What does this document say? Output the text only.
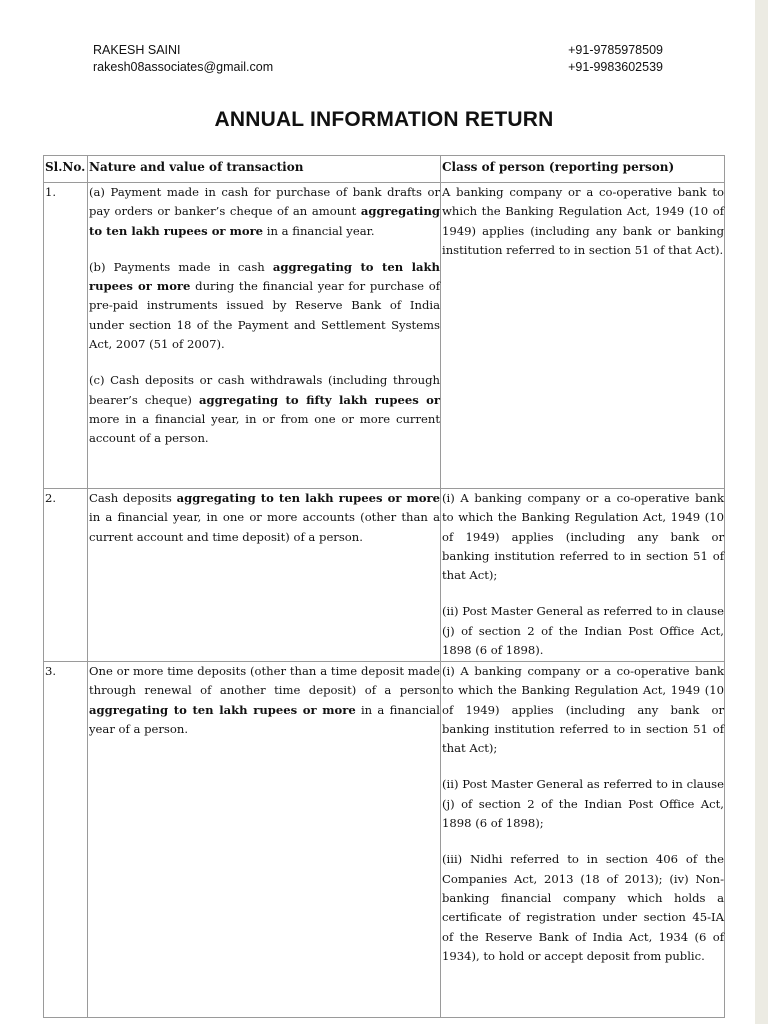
RAKESH SAINI
rakesh08associates@gmail.com
+91-9785978509
+91-9983602539
ANNUAL INFORMATION RETURN
Sl.No.	Nature and value of transaction	Class of person (reporting person)
1.	(a) Payment made in cash for purchase of bank drafts or pay orders or banker’s cheque of an amount aggregating to ten lakh rupees or more in a financial year.

(b) Payments made in cash aggregating to ten lakh rupees or more during the financial year for purchase of pre-paid instruments issued by Reserve Bank of India under section 18 of the Payment and Settlement Systems Act, 2007 (51 of 2007).

(c) Cash deposits or cash withdrawals (including through bearer’s cheque) aggregating to fifty lakh rupees or more in a financial year, in or from one or more current account of a person.	A banking company or a co-operative bank to which the Banking Regulation Act, 1949 (10 of 1949) applies (including any bank or banking institution referred to in section 51 of that Act).

2.	Cash deposits aggregating to ten lakh rupees or more in a financial year, in one or more accounts (other than a current account and time deposit) of a person.	(i) A banking company or a co-operative bank to which the Banking Regulation Act, 1949 (10 of 1949) applies (including any bank or banking institution referred to in section 51 of that Act);

(ii) Post Master General as referred to in clause (j) of section 2 of the Indian Post Office Act, 1898 (6 of 1898).

3.	One or more time deposits (other than a time deposit made through renewal of another time deposit) of a person aggregating to ten lakh rupees or more in a financial year of a person.	(i) A banking company or a co-operative bank to which the Banking Regulation Act, 1949 (10 of 1949) applies (including any bank or banking institution referred to in section 51 of that Act);

(ii) Post Master General as referred to in clause (j) of section 2 of the Indian Post Office Act, 1898 (6 of 1898);

(iii) Nidhi referred to in section 406 of the Companies Act, 2013 (18 of 2013); (iv) Non-banking financial company which holds a certificate of registration under section 45-IA of the Reserve Bank of India Act, 1934 (6 of 1934), to hold or accept deposit from public.
